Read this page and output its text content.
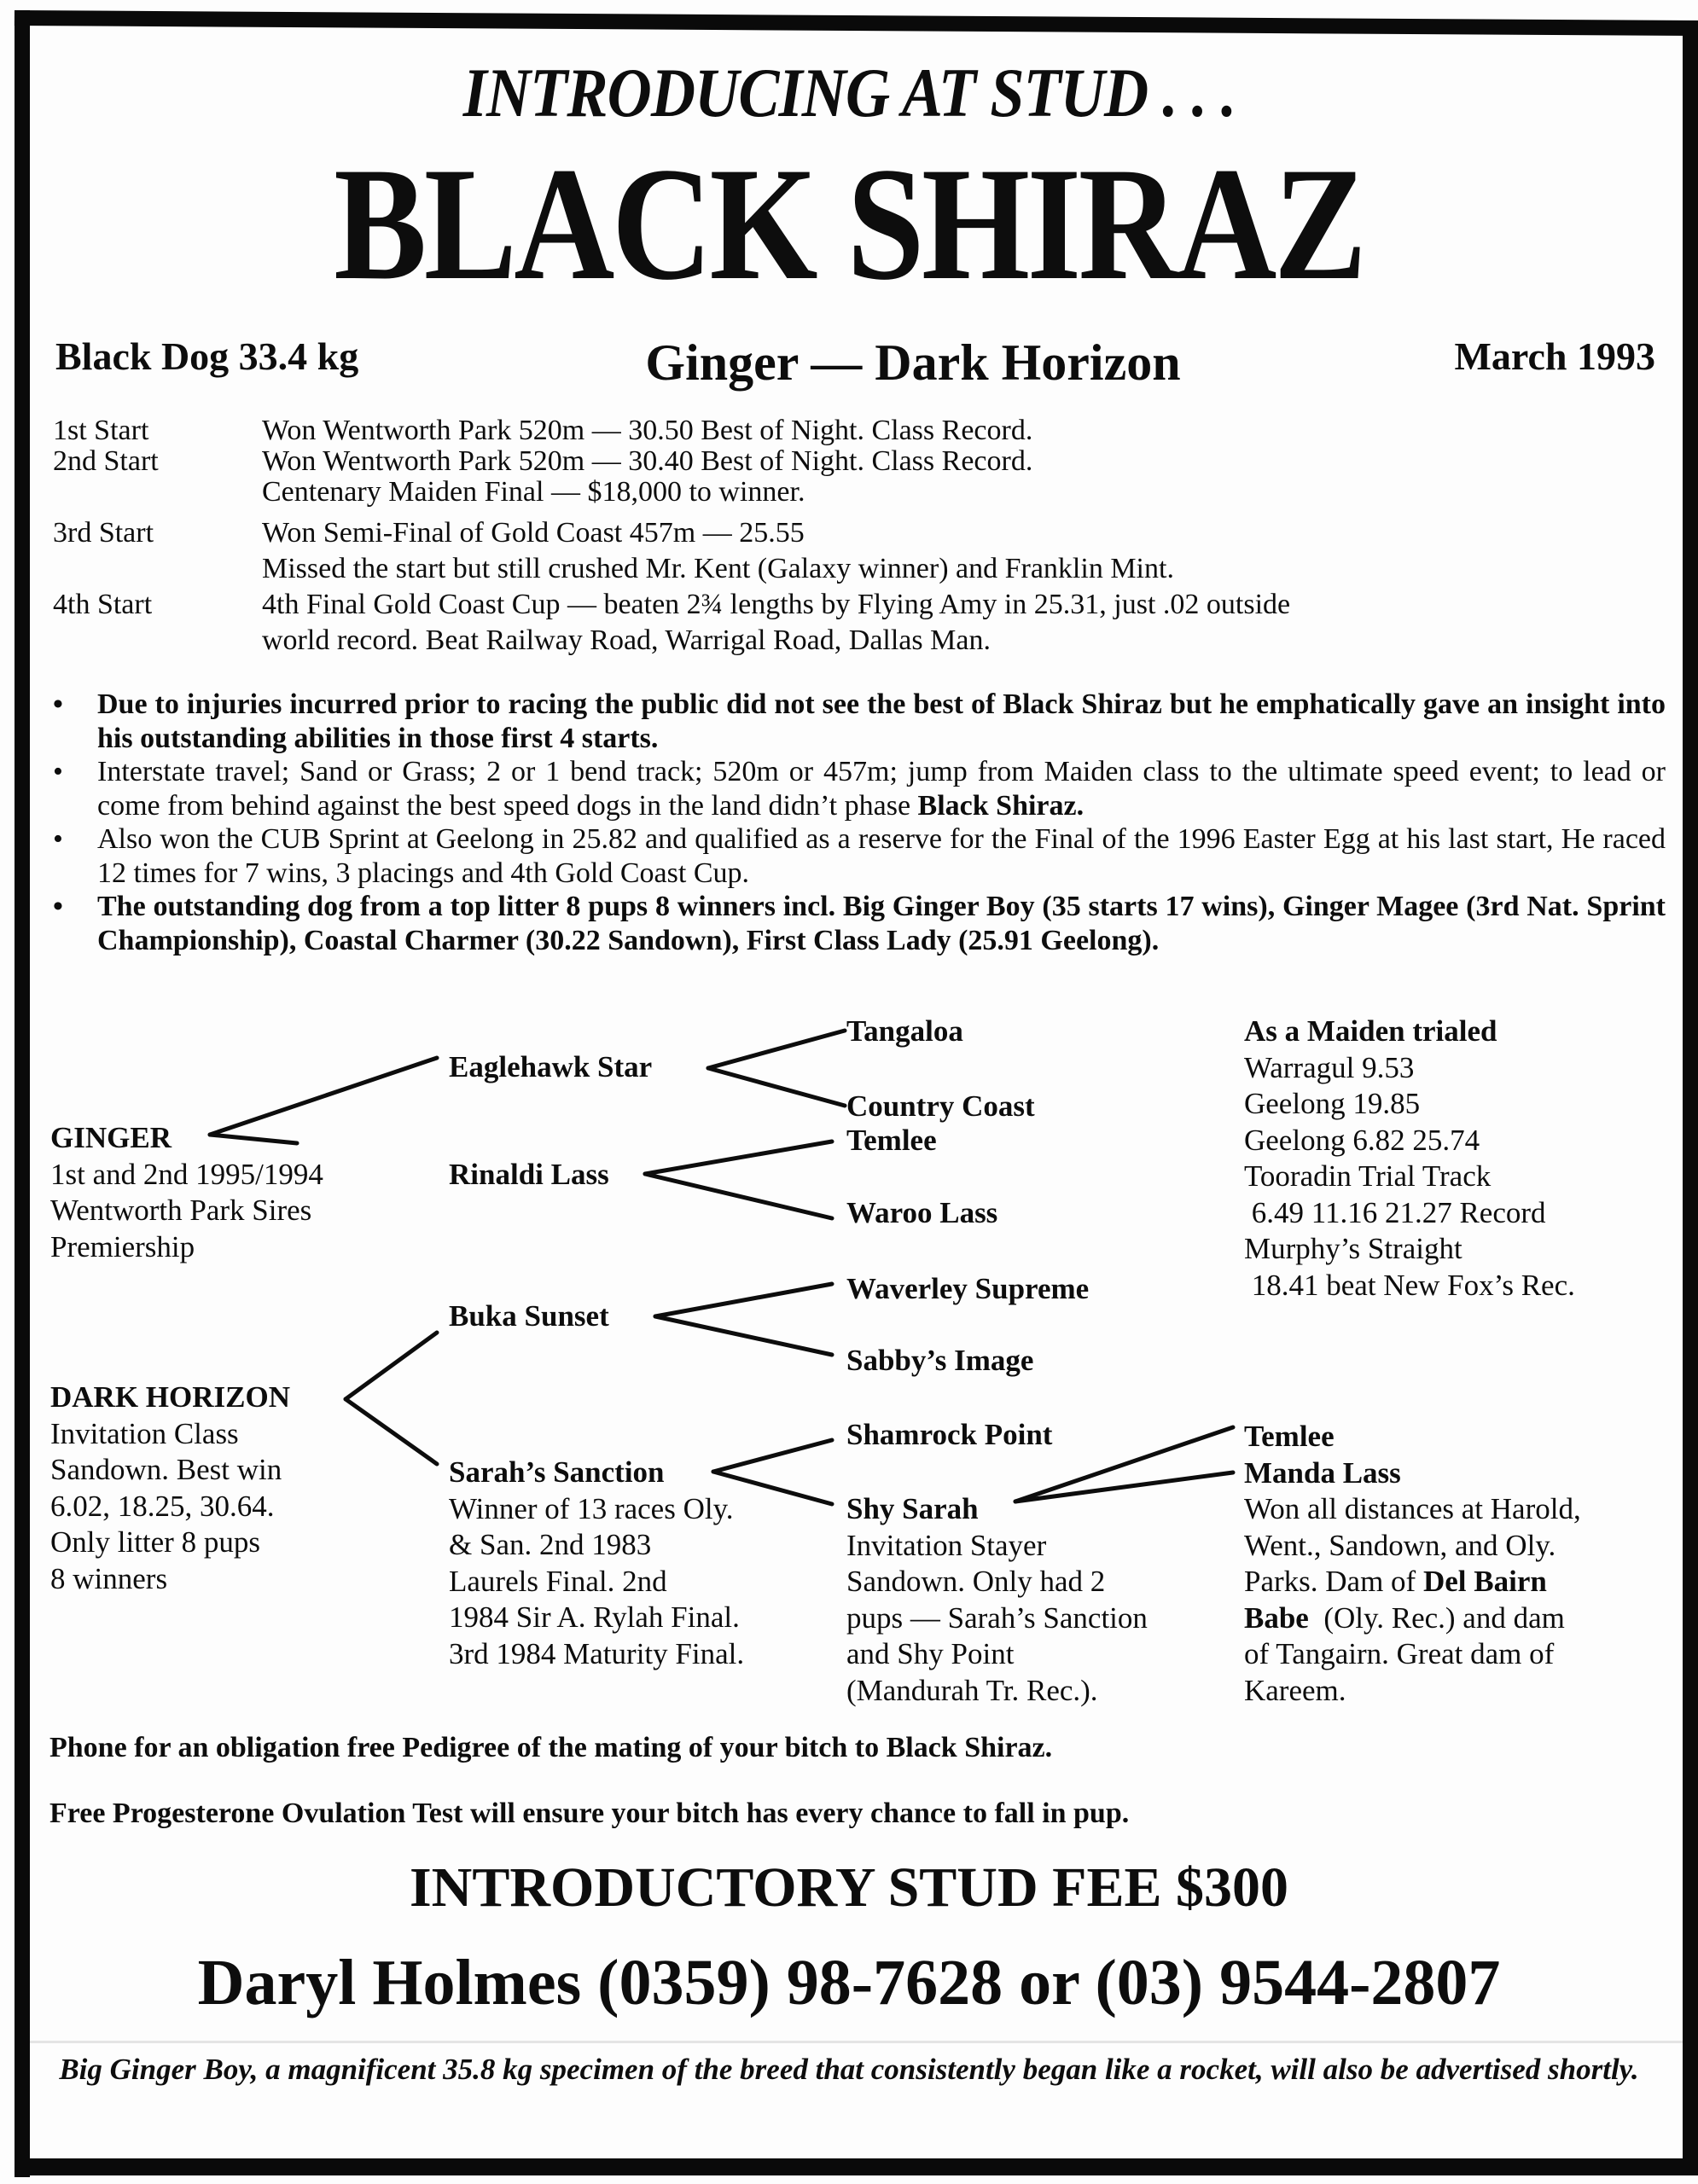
INTRODUCING AT STUD . . .
BLACK SHIRAZ
Black Dog 33.4 kg	Ginger — Dark Horizon	March 1993
1st Start	Won Wentworth Park 520m — 30.50 Best of Night. Class Record.
2nd Start	Won Wentworth Park 520m — 30.40 Best of Night. Class Record.
Centenary Maiden Final — $18,000 to winner.
3rd Start	Won Semi-Final of Gold Coast 457m — 25.55
Missed the start but still crushed Mr. Kent (Galaxy winner) and Franklin Mint.
4th Start	4th Final Gold Coast Cup — beaten 2¾ lengths by Flying Amy in 25.31, just .02 outside
world record. Beat Railway Road, Warrigal Road, Dallas Man.
• Due to injuries incurred prior to racing the public did not see the best of Black Shiraz but he emphatically gave an insight into his outstanding abilities in those first 4 starts.
• Interstate travel; Sand or Grass; 2 or 1 bend track; 520m or 457m; jump from Maiden class to the ultimate speed event; to lead or come from behind against the best speed dogs in the land didn’t phase Black Shiraz.
• Also won the CUB Sprint at Geelong in 25.82 and qualified as a reserve for the Final of the 1996 Easter Egg at his last start, He raced 12 times for 7 wins, 3 placings and 4th Gold Coast Cup.
• The outstanding dog from a top litter 8 pups 8 winners incl. Big Ginger Boy (35 starts 17 wins), Ginger Magee (3rd Nat. Sprint Championship), Coastal Charmer (30.22 Sandown), First Class Lady (25.91 Geelong).
GINGER
1st and 2nd 1995/1994
Wentworth Park Sires
Premiership
DARK HORIZON
Invitation Class
Sandown. Best win
6.02, 18.25, 30.64.
Only litter 8 pups
8 winners
Eaglehawk Star
Rinaldi Lass
Buka Sunset
Sarah’s Sanction
Winner of 13 races Oly.
& San. 2nd 1983
Laurels Final. 2nd
1984 Sir A. Rylah Final.
3rd 1984 Maturity Final.
Tangaloa
Country Coast
Temlee
Waroo Lass
Waverley Supreme
Sabby’s Image
Shamrock Point
Shy Sarah
Invitation Stayer
Sandown. Only had 2
pups — Sarah’s Sanction
and Shy Point
(Mandurah Tr. Rec.).
As a Maiden trialed
Warragul 9.53
Geelong 19.85
Geelong 6.82 25.74
Tooradin Trial Track
6.49 11.16 21.27 Record
Murphy’s Straight
18.41 beat New Fox’s Rec.
Temlee
Manda Lass
Won all distances at Harold,
Went., Sandown, and Oly.
Parks. Dam of Del Bairn
Babe (Oly. Rec.) and dam
of Tangairn. Great dam of
Kareem.
Phone for an obligation free Pedigree of the mating of your bitch to Black Shiraz.
Free Progesterone Ovulation Test will ensure your bitch has every chance to fall in pup.
INTRODUCTORY STUD FEE $300
Daryl Holmes (0359) 98-7628 or (03) 9544-2807
Big Ginger Boy, a magnificent 35.8 kg specimen of the breed that consistently began like a rocket, will also be advertised shortly.
